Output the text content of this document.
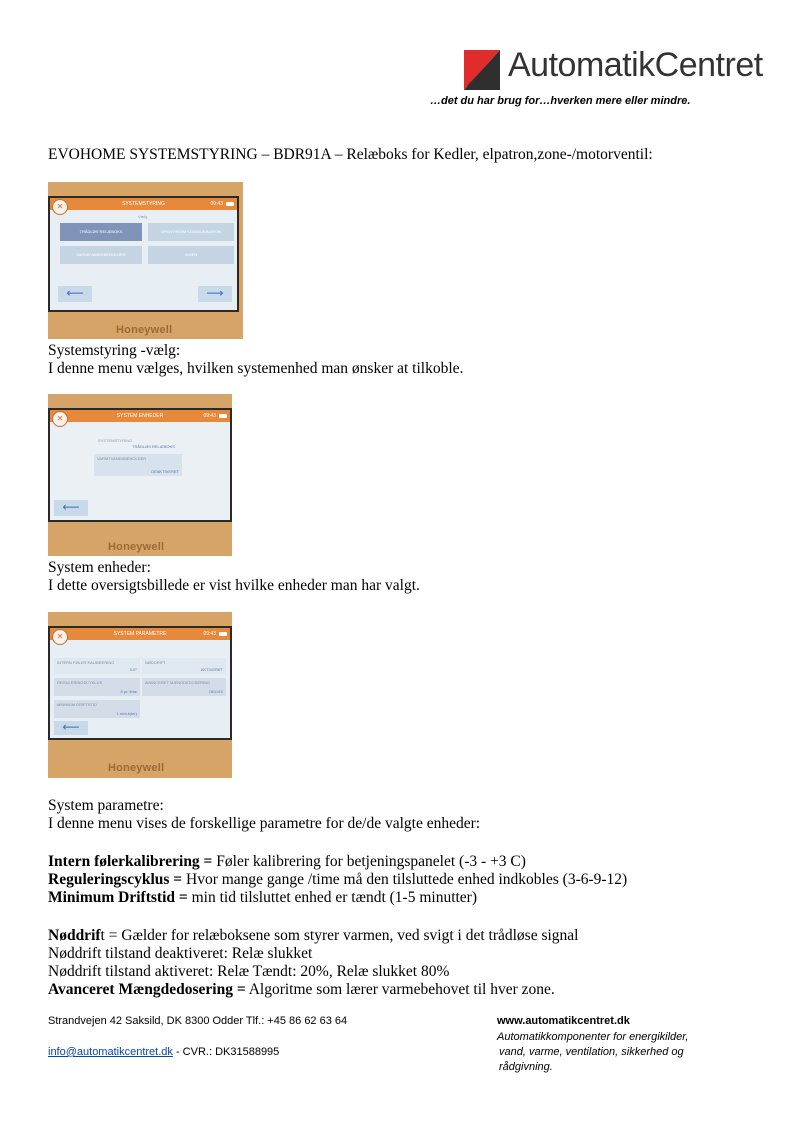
AutomatikCentret
…det du har brug for…hverken mere eller mindre.
EVOHOME SYSTEMSTYRING – BDR91A – Relæboks for Kedler, elpatron,zone-/motorventil:
SYSTEMSTYRING	09:43
✕
Vælg
TRÅDLØS RELÆBOKS	OPENTHERM KOMMUNIKATION
VARMEVANDSBEHOLDER	INGEN
⟵	⟶
Honeywell
Systemstyring -vælg:
I denne menu vælges, hvilken systemenhed man ønsker at tilkoble.
SYSTEM ENHEDER	09:43
✕
SYSTEMSTYRING
TRÅDLØS RELÆBOKS
VARMTVANDSBEHOLDER
DEAKTIVERET
⟵
Honeywell
System enheder:
I dette oversigtsbillede er vist hvilke enheder man har valgt.
SYSTEM PARAMETRE	09:43
✕
INTERN FØLER KALIBRERING
0.0°
NØDDRIFT
AKTIVERET
REGULERINGSCYKLUS
6 pr. time
AVANCERET MÆNGDEDOSERING
DELVIS
MINIMUM DRIFTSTID
1 minut(ter)
⟵
Honeywell
System parametre:
I denne menu vises de forskellige parametre for de/de valgte enheder:
Intern følerkalibrering = Føler kalibrering for betjeningspanelet (-3 - +3 C)
Reguleringscyklus = Hvor mange gange /time må den tilsluttede enhed indkobles (3-6-9-12)
Minimum Driftstid = min tid tilsluttet enhed er tændt (1-5 minutter)
Nøddrift = Gælder for relæboksene som styrer varmen, ved svigt i det trådløse signal
Nøddrift tilstand deaktiveret: Relæ slukket
Nøddrift tilstand aktiveret: Relæ Tændt: 20%, Relæ slukket 80%
Avanceret Mængdedosering = Algoritme som lærer varmebehovet til hver zone.
Strandvejen 42 Saksild, DK 8300 Odder Tlf.: +45 86 62 63 64
info@automatikcentret.dk - CVR.: DK31588995
www.automatikcentret.dk
Automatikkomponenter for energikilder,
vand, varme, ventilation, sikkerhed og
rådgivning.
